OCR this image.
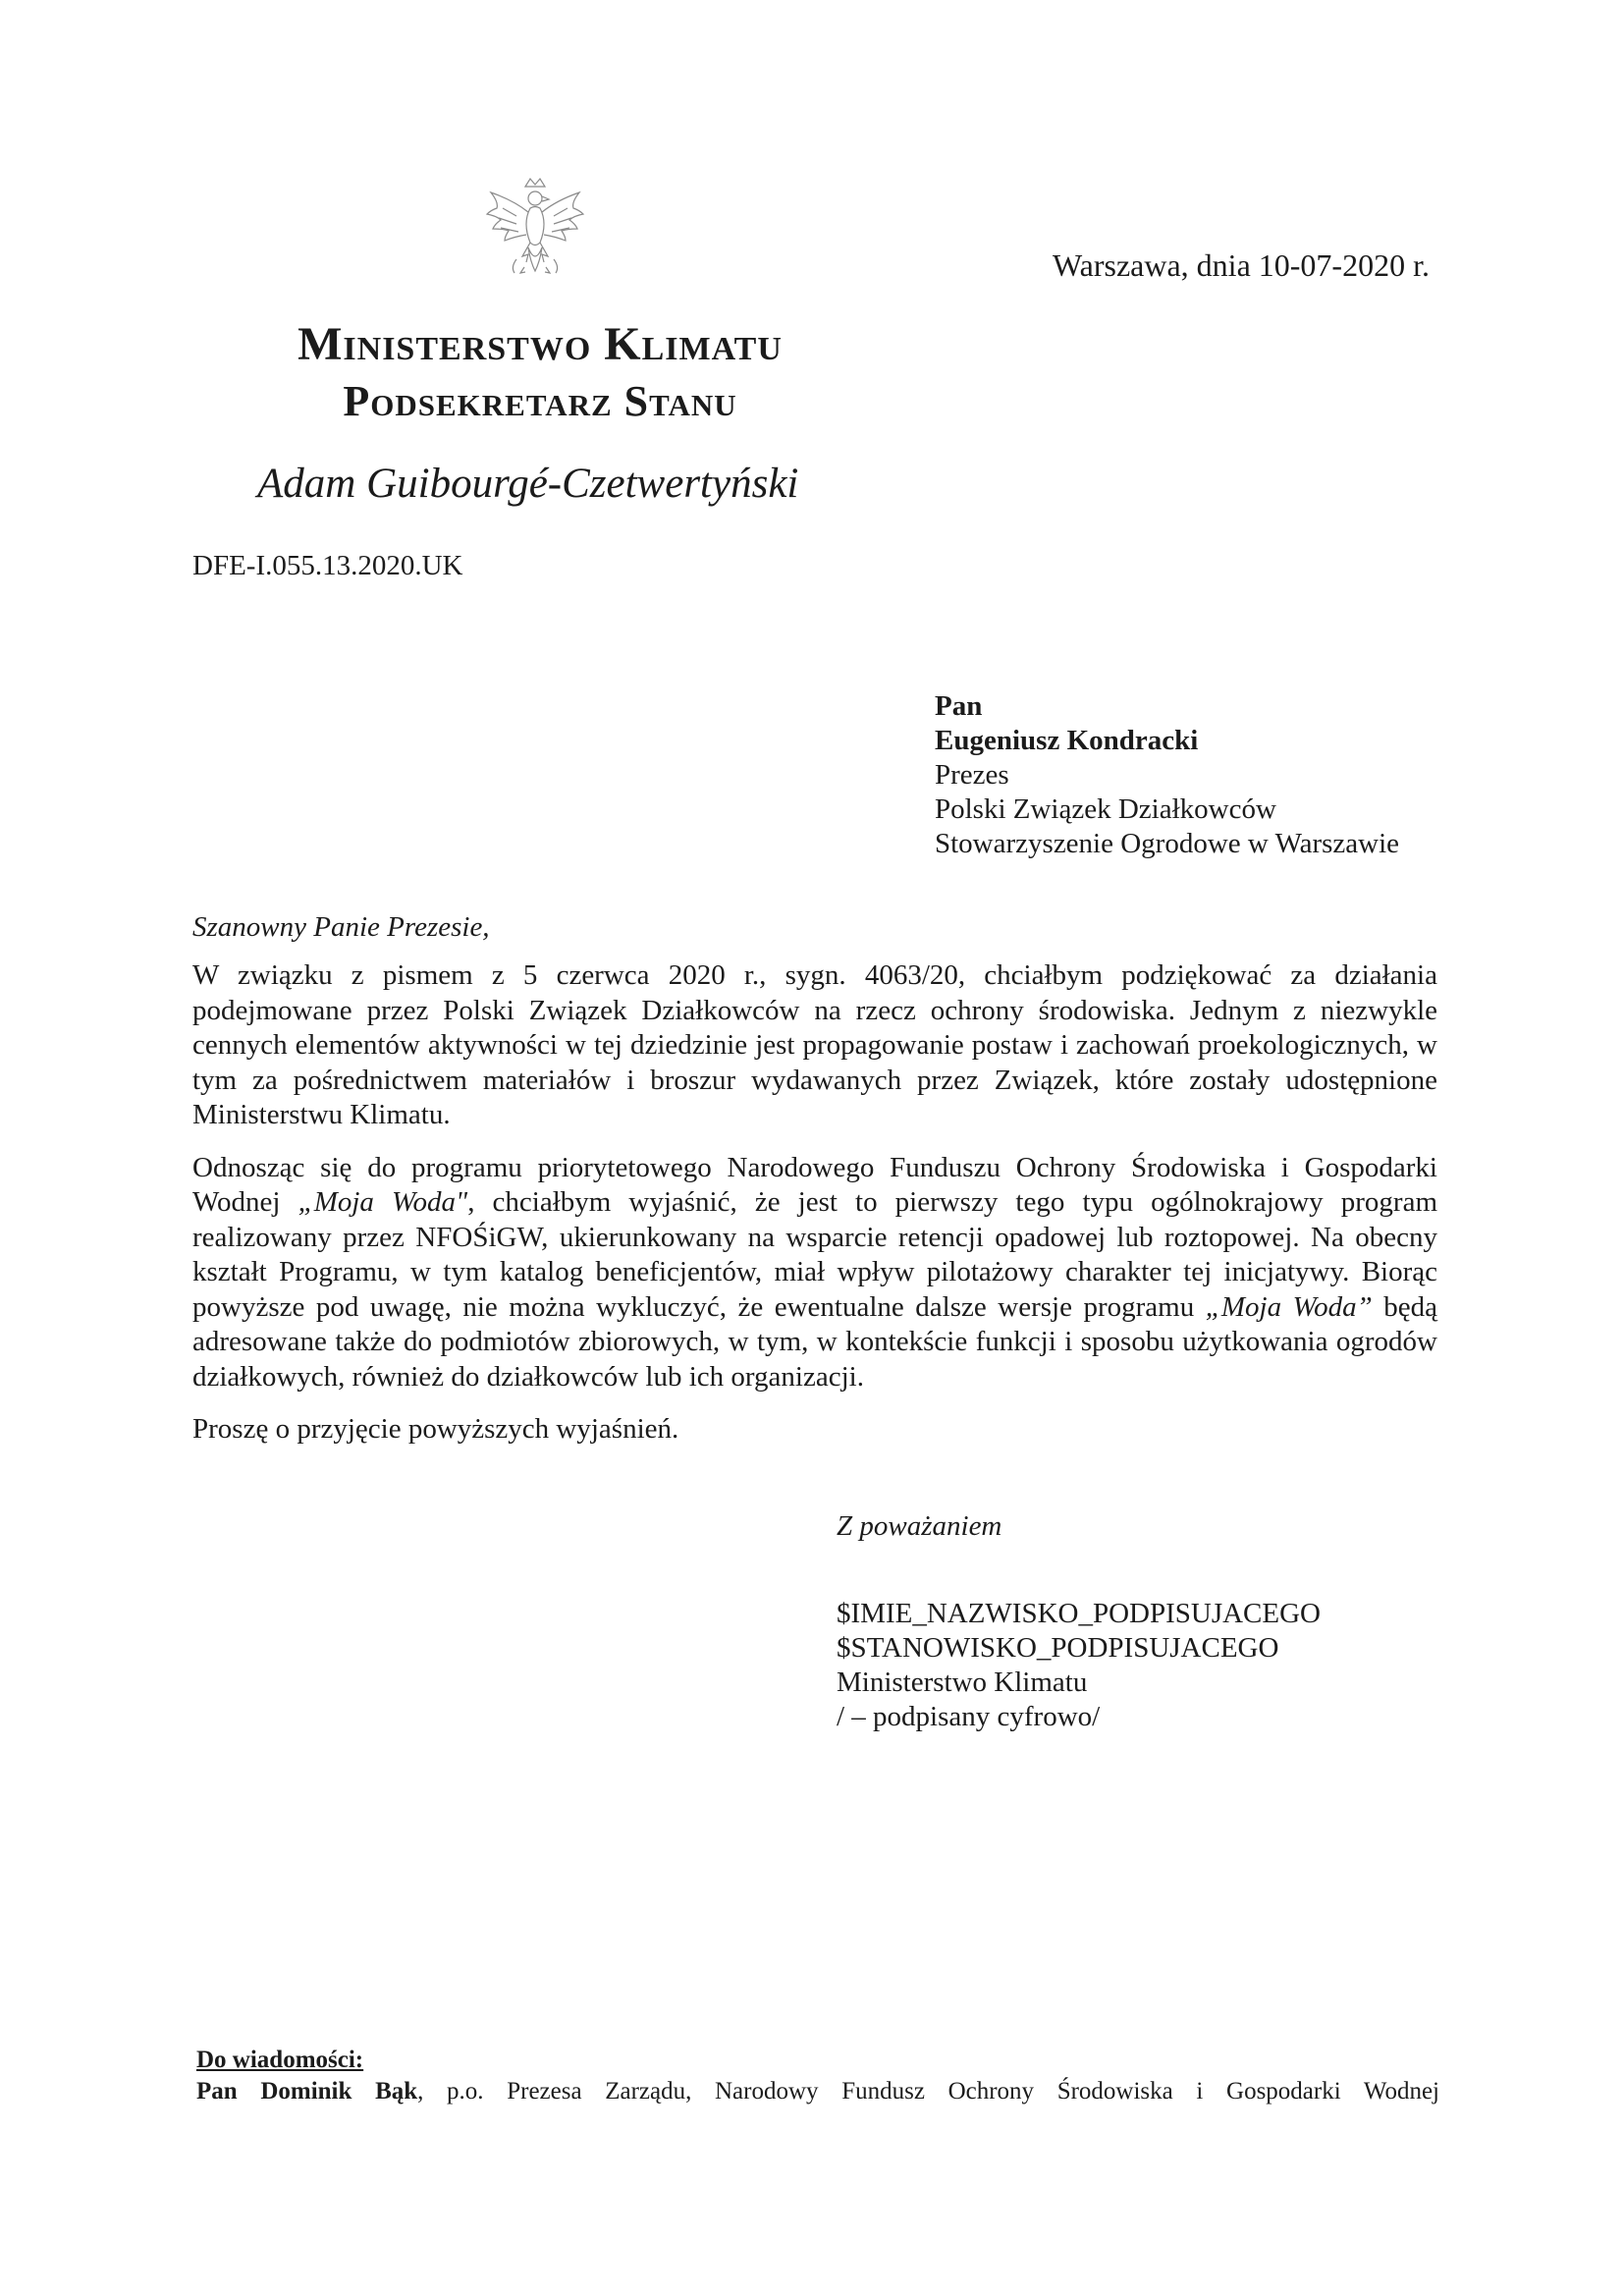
Warszawa, dnia 10-07-2020 r.
Ministerstwo Klimatu
Podsekretarz Stanu
Adam Guibourgé-Czetwertyński
DFE-I.055.13.2020.UK
Pan
Eugeniusz Kondracki
Prezes
Polski Związek Działkowców
Stowarzyszenie Ogrodowe w Warszawie
Szanowny Panie Prezesie,

W związku z pismem z 5 czerwca 2020 r., sygn. 4063/20, chciałbym podziękować za działania podejmowane przez Polski Związek Działkowców na rzecz ochrony środowiska. Jednym z niezwykle cennych elementów aktywności w tej dziedzinie jest propagowanie postaw i zachowań proekologicznych, w tym za pośrednictwem materiałów i broszur wydawanych przez Związek, które zostały udostępnione Ministerstwu Klimatu.

Odnosząc się do programu priorytetowego Narodowego Funduszu Ochrony Środowiska i Gospodarki Wodnej „Moja Woda", chciałbym wyjaśnić, że jest to pierwszy tego typu ogólnokrajowy program realizowany przez NFOŚiGW, ukierunkowany na wsparcie retencji opadowej lub roztopowej. Na obecny kształt Programu, w tym katalog beneficjentów, miał wpływ pilotażowy charakter tej inicjatywy. Biorąc powyższe pod uwagę, nie można wykluczyć, że ewentualne dalsze wersje programu „Moja Woda” będą adresowane także do podmiotów zbiorowych, w tym, w kontekście funkcji i sposobu użytkowania ogrodów działkowych, również do działkowców lub ich organizacji.

Proszę o przyjęcie powyższych wyjaśnień.

Z poważaniem
$IMIE_NAZWISKO_PODPISUJACEGO
$STANOWISKO_PODPISUJACEGO
Ministerstwo Klimatu
/ – podpisany cyfrowo/
Do wiadomości:
Pan Dominik Bąk, p.o. Prezesa Zarządu, Narodowy Fundusz Ochrony Środowiska i Gospodarki Wodnej
